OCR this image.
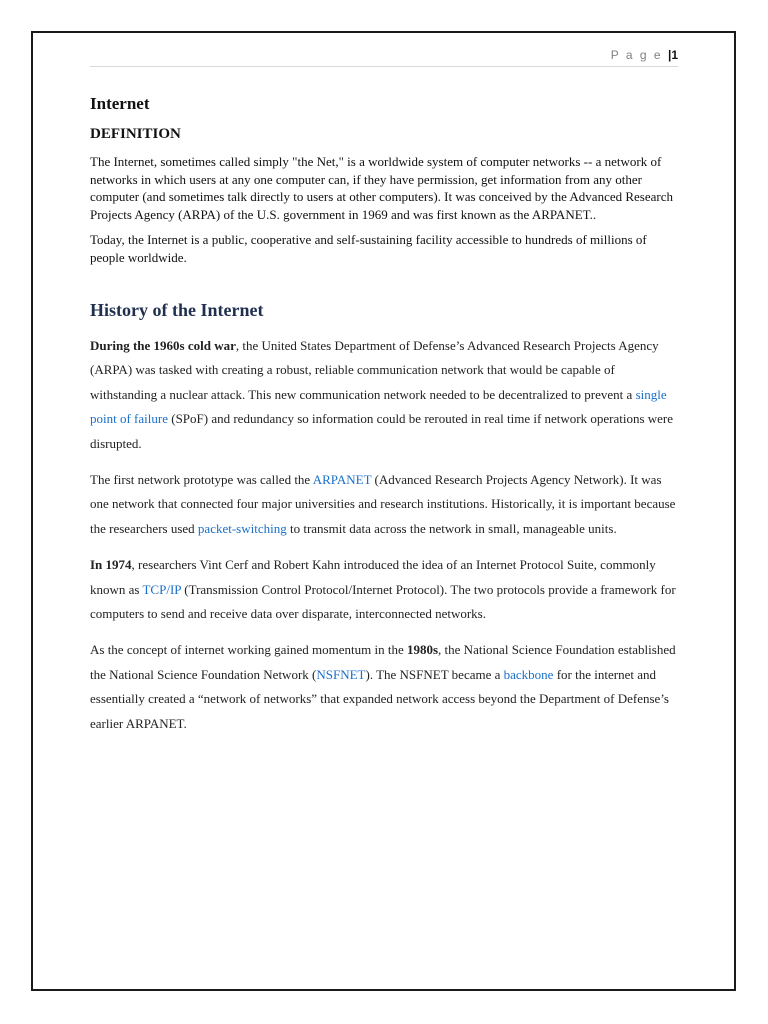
P a g e |1
Internet
DEFINITION

The Internet, sometimes called simply "the Net," is a worldwide system of computer networks -- a network of networks in which users at any one computer can, if they have permission, get information from any other computer (and sometimes talk directly to users at other computers). It was conceived by the Advanced Research Projects Agency (ARPA) of the U.S. government in 1969 and was first known as the ARPANET..

Today, the Internet is a public, cooperative and self-sustaining facility accessible to hundreds of millions of people worldwide.

History of the Internet

During the 1960s cold war, the United States Department of Defense’s Advanced Research Projects Agency (ARPA) was tasked with creating a robust, reliable communication network that would be capable of withstanding a nuclear attack. This new communication network needed to be decentralized to prevent a single point of failure (SPoF) and redundancy so information could be rerouted in real time if network operations were disrupted.

The first network prototype was called the ARPANET (Advanced Research Projects Agency Network). It was one network that connected four major universities and research institutions. Historically, it is important because the researchers used packet-switching to transmit data across the network in small, manageable units.

In 1974, researchers Vint Cerf and Robert Kahn introduced the idea of an Internet Protocol Suite, commonly known as TCP/IP (Transmission Control Protocol/Internet Protocol). The two protocols provide a framework for computers to send and receive data over disparate, interconnected networks.

As the concept of internet working gained momentum in the 1980s, the National Science Foundation established the National Science Foundation Network (NSFNET). The NSFNET became a backbone for the internet and essentially created a “network of networks” that expanded network access beyond the Department of Defense’s earlier ARPANET.
